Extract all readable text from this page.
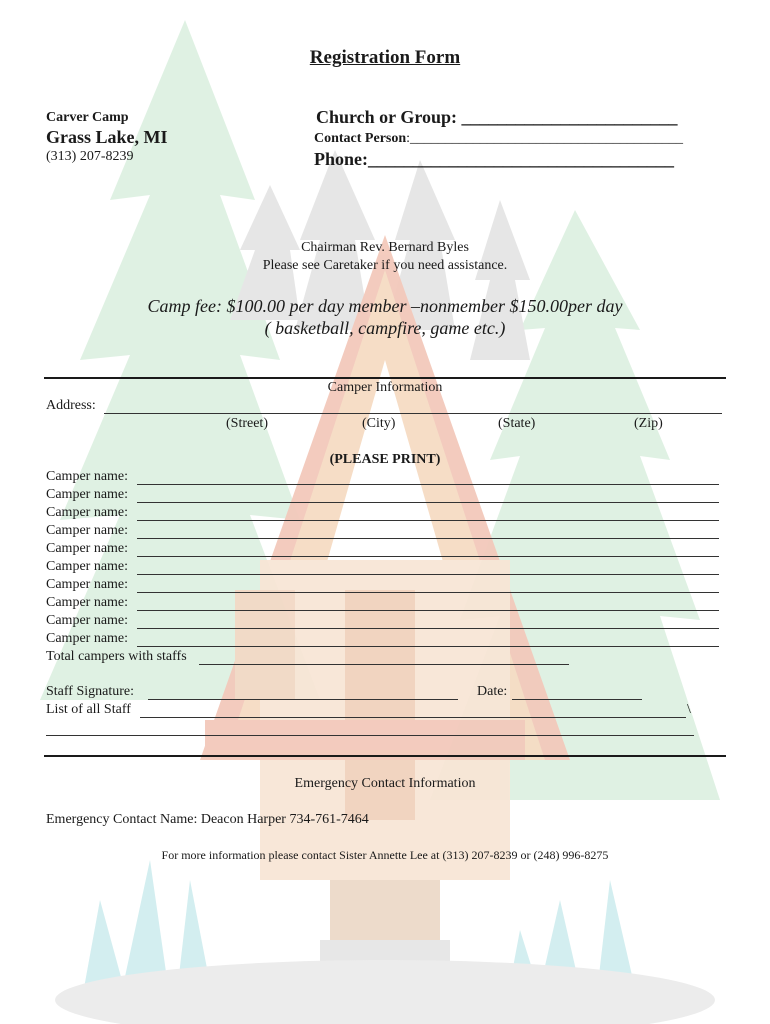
Registration Form
Carver Camp
Grass Lake, MI
(313) 207-8239
Church or Group: ________________________
Contact Person:_______________________________________
Phone:__________________________________
Chairman Rev. Bernard Byles
Please see Caretaker if you need assistance.
Camp fee: $100.00 per day member –nonmember $150.00per day
( basketball, campfire, game etc.)
Camper Information
Address:
(Street)	(City)	(State)	(Zip)
(PLEASE PRINT)
Camper name:
Camper name:
Camper name:
Camper name:
Camper name:
Camper name:
Camper name:
Camper name:
Camper name:
Camper name:
Total campers with staffs
Staff Signature:	Date:
List of all Staff	\
Emergency Contact Information
Emergency Contact Name: Deacon Harper 734-761-7464
For more information please contact Sister Annette Lee at (313) 207-8239 or (248) 996-8275
